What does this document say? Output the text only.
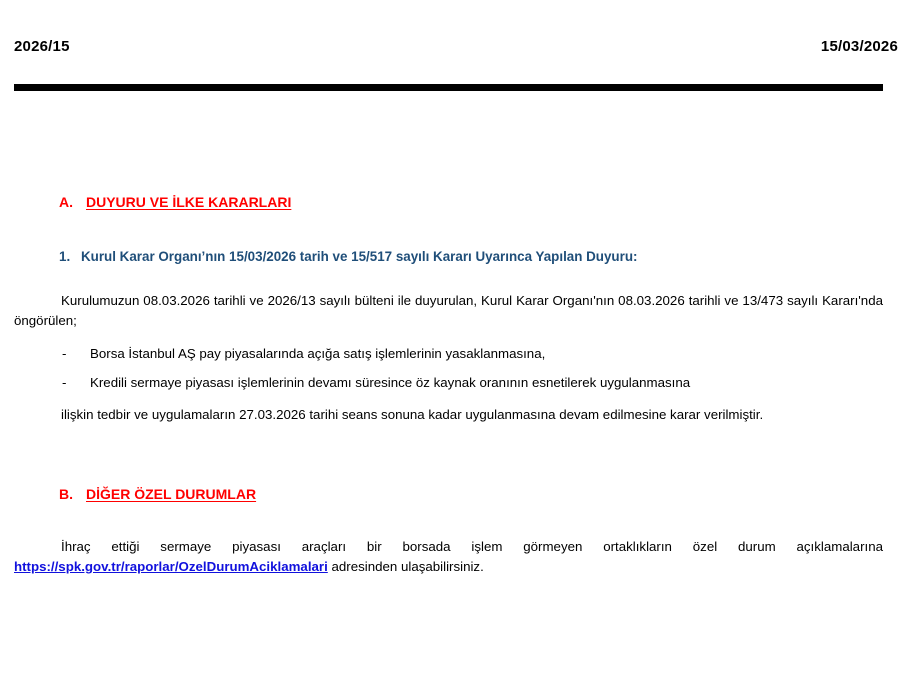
2026/15	15/03/2026
A. DUYURU VE İLKE KARARLARI
1. Kurul Karar Organı’nın 15/03/2026 tarih ve 15/517 sayılı Kararı Uyarınca Yapılan Duyuru:

Kurulumuzun 08.03.2026 tarihli ve 2026/13 sayılı bülteni ile duyurulan, Kurul Karar Organı'nın 08.03.2026 tarihli ve 13/473 sayılı Kararı'nda öngörülen;

-	Borsa İstanbul AŞ pay piyasalarında açığa satış işlemlerinin yasaklanmasına,
-	Kredili sermaye piyasası işlemlerinin devamı süresince öz kaynak oranının esnetilerek uygulanmasına

ilişkin tedbir ve uygulamaların 27.03.2026 tarihi seans sonuna kadar uygulanmasına devam edilmesine karar verilmiştir.

B. DİĞER ÖZEL DURUMLAR

İhraç ettiği sermaye piyasası araçları bir borsada işlem görmeyen ortaklıkların özel durum açıklamalarına https://spk.gov.tr/raporlar/OzelDurumAciklamalari adresinden ulaşabilirsiniz.
